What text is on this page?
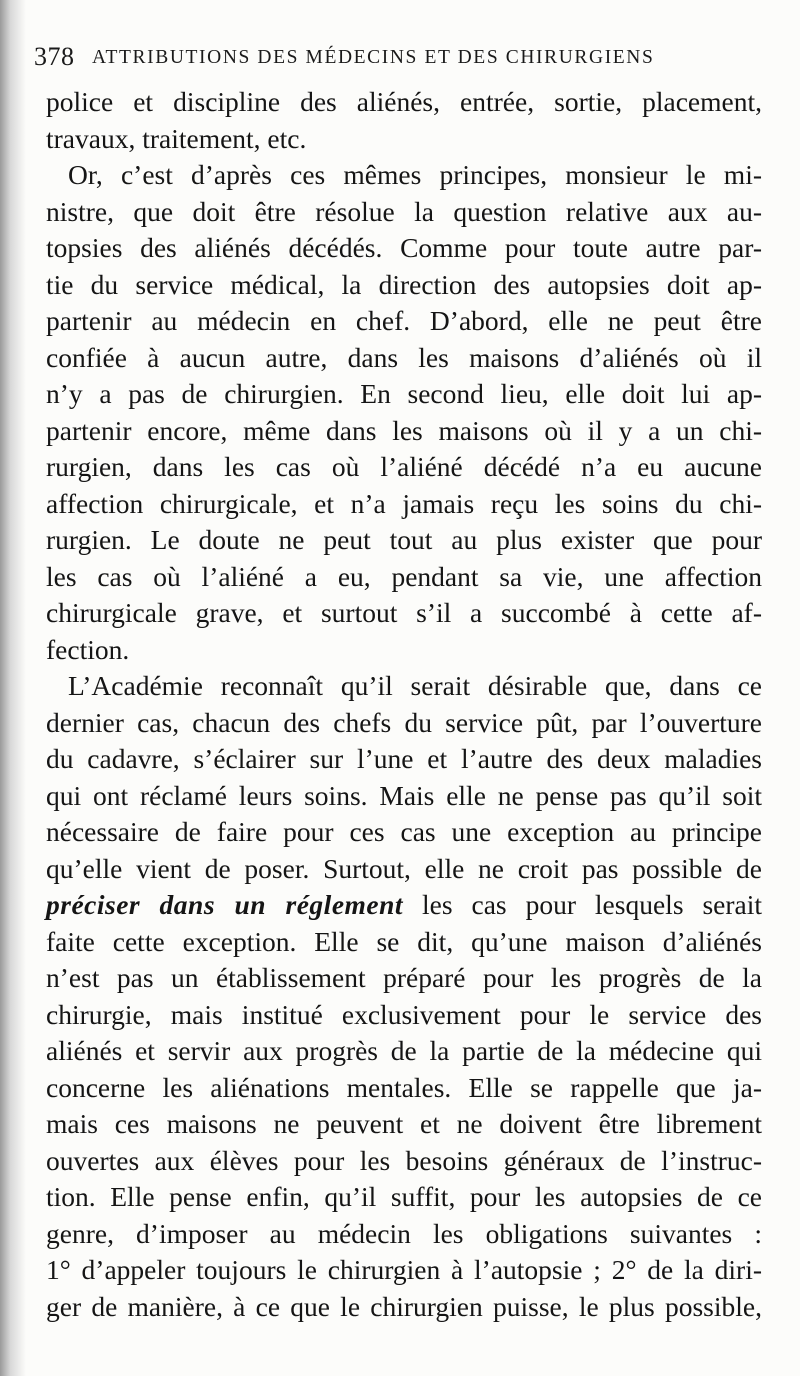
378 ATTRIBUTIONS DES MÉDECINS ET DES CHIRURGIENS
police et discipline des aliénés, entrée, sortie, placement,
travaux, traitement, etc.
Or, c’est d’après ces mêmes principes, monsieur le mi-
nistre, que doit être résolue la question relative aux au-
topsies des aliénés décédés. Comme pour toute autre par-
tie du service médical, la direction des autopsies doit ap-
partenir au médecin en chef. D’abord, elle ne peut être
confiée à aucun autre, dans les maisons d’aliénés où il
n’y a pas de chirurgien. En second lieu, elle doit lui ap-
partenir encore, même dans les maisons où il y a un chi-
rurgien, dans les cas où l’aliéné décédé n’a eu aucune
affection chirurgicale, et n’a jamais reçu les soins du chi-
rurgien. Le doute ne peut tout au plus exister que pour
les cas où l’aliéné a eu, pendant sa vie, une affection
chirurgicale grave, et surtout s’il a succombé à cette af-
fection.
L’Académie reconnaît qu’il serait désirable que, dans ce
dernier cas, chacun des chefs du service pût, par l’ouverture
du cadavre, s’éclairer sur l’une et l’autre des deux maladies
qui ont réclamé leurs soins. Mais elle ne pense pas qu’il soit
nécessaire de faire pour ces cas une exception au principe
qu’elle vient de poser. Surtout, elle ne croit pas possible de
préciser dans un réglement les cas pour lesquels serait
faite cette exception. Elle se dit, qu’une maison d’aliénés
n’est pas un établissement préparé pour les progrès de la
chirurgie, mais institué exclusivement pour le service des
aliénés et servir aux progrès de la partie de la médecine qui
concerne les aliénations mentales. Elle se rappelle que ja-
mais ces maisons ne peuvent et ne doivent être librement
ouvertes aux élèves pour les besoins généraux de l’instruc-
tion. Elle pense enfin, qu’il suffit, pour les autopsies de ce
genre, d’imposer au médecin les obligations suivantes :
1° d’appeler toujours le chirurgien à l’autopsie ; 2° de la diri-
ger de manière, à ce que le chirurgien puisse, le plus possible,
